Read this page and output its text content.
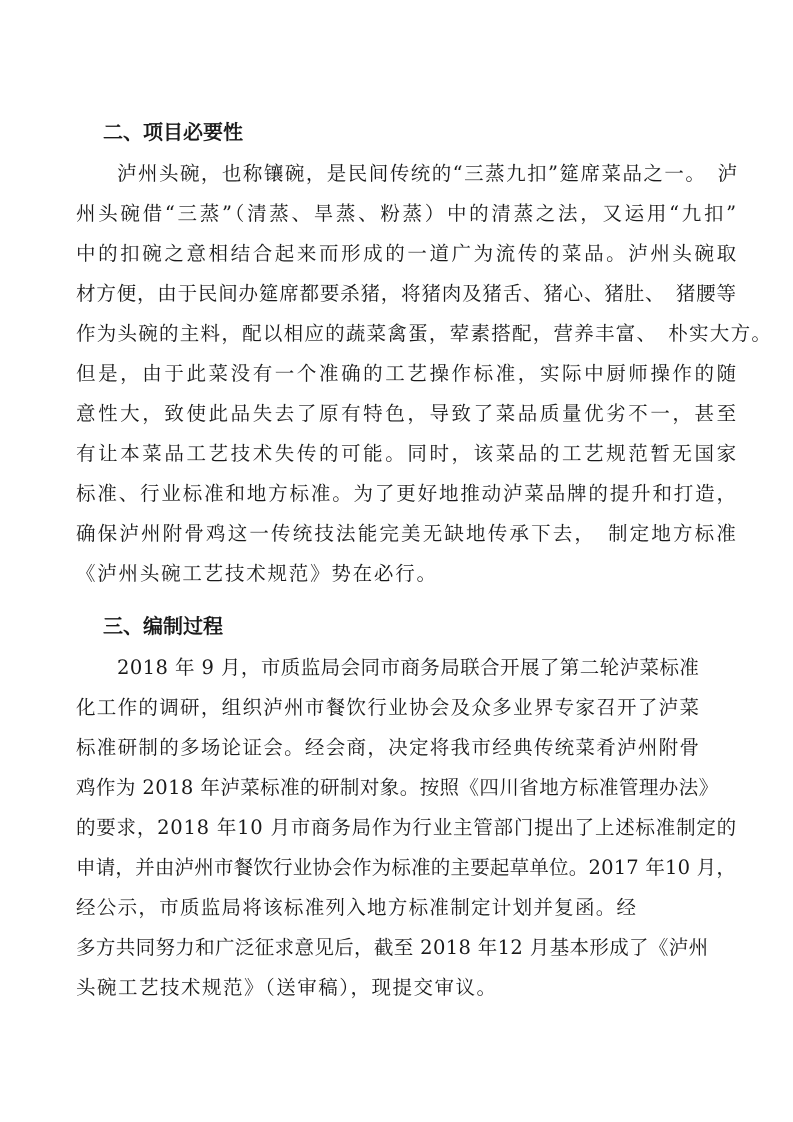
二、项目必要性

泸州头碗，也称镶碗，是民间传统的“三蒸九扣”筵席菜品之一。　泸

州头碗借“三蒸”（清蒸、旱蒸、粉蒸）中的清蒸之法，又运用“九扣”

中的扣碗之意相结合起来而形成的一道广为流传的菜品。泸州头碗取

材方便，由于民间办筵席都要杀猪，将猪肉及猪舌、猪心、猪肚、　猪腰等

作为头碗的主料，配以相应的蔬菜禽蛋，荤素搭配，营养丰富、　朴实大方。

但是，由于此菜没有一个准确的工艺操作标准，实际中厨师操作的随

意性大，致使此品失去了原有特色，导致了菜品质量优劣不一，甚至

有让本菜品工艺技术失传的可能。同时，该菜品的工艺规范暂无国家

标准、行业标准和地方标准。为了更好地推动泸菜品牌的提升和打造，

确保泸州附骨鸡这一传统技法能完美无缺地传承下去，　制定地方标准

《泸州头碗工艺技术规范》势在必行。

三、编制过程

2018 年 9 月，市质监局会同市商务局联合开展了第二轮泸菜标准

化工作的调研，组织泸州市餐饮行业协会及众多业界专家召开了泸菜

标准研制的多场论证会。经会商，决定将我市经典传统菜肴泸州附骨

鸡作为 2018 年泸菜标准的研制对象。按照《四川省地方标准管理办法》

的要求，2018 年10 月市商务局作为行业主管部门提出了上述标准制定的

申请，并由泸州市餐饮行业协会作为标准的主要起草单位。2017 年10 月，

经公示，市质监局将该标准列入地方标准制定计划并复函。经

多方共同努力和广泛征求意见后，截至 2018 年12 月基本形成了《泸州

头碗工艺技术规范》（送审稿），现提交审议。
